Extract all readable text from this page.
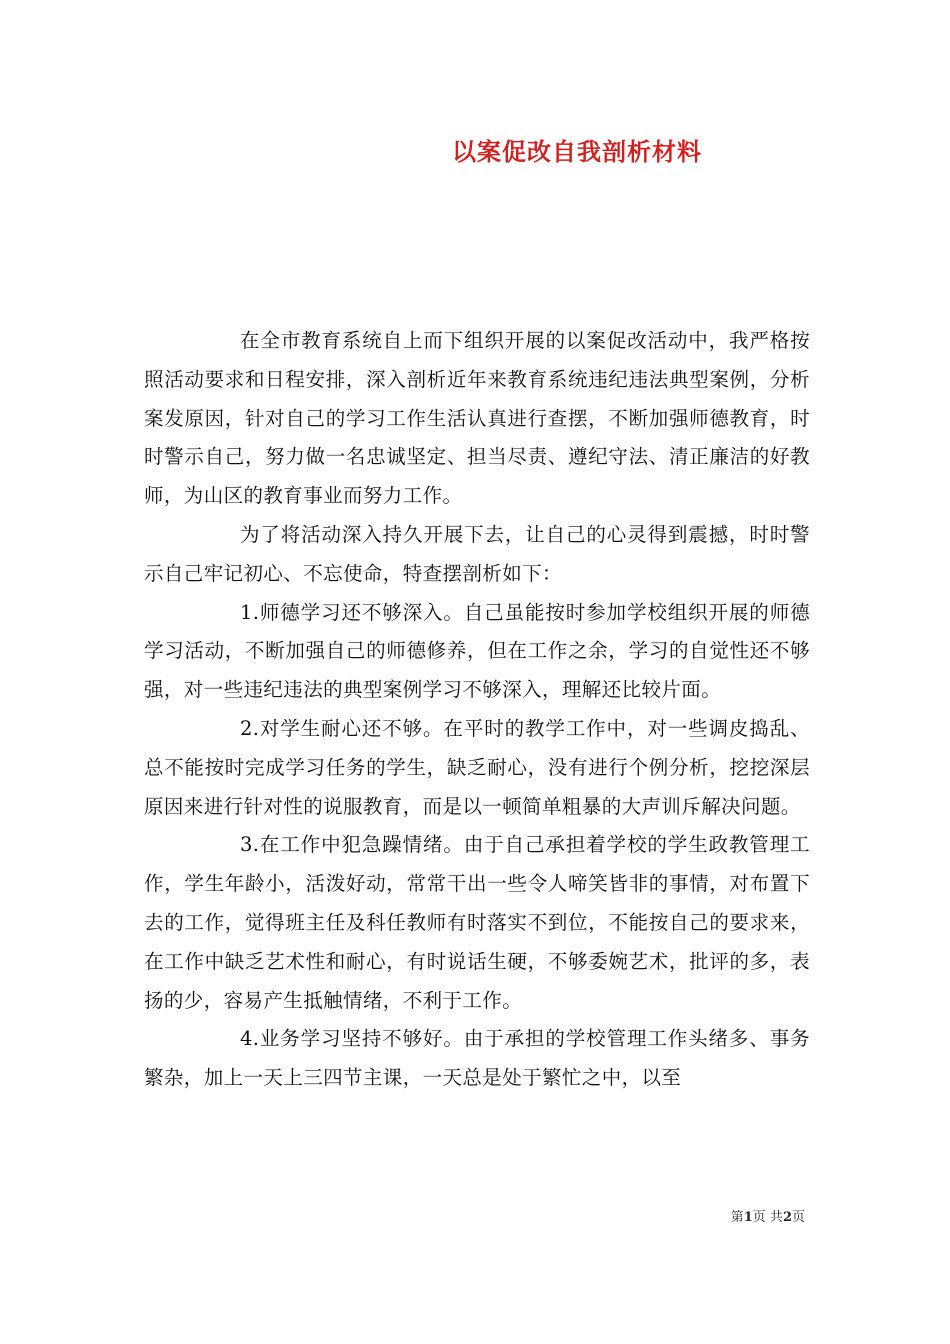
以案促改自我剖析材料

在全市教育系统自上而下组织开展的以案促改活动中，我严格按照活动要求和日程安排，深入剖析近年来教育系统违纪违法典型案例，分析案发原因，针对自己的学习工作生活认真进行查摆，不断加强师德教育，时时警示自己，努力做一名忠诚坚定、担当尽责、遵纪守法、清正廉洁的好教师，为山区的教育事业而努力工作。

为了将活动深入持久开展下去，让自己的心灵得到震撼，时时警示自己牢记初心、不忘使命，特查摆剖析如下：

1.师德学习还不够深入。自己虽能按时参加学校组织开展的师德学习活动，不断加强自己的师德修养，但在工作之余，学习的自觉性还不够强，对一些违纪违法的典型案例学习不够深入，理解还比较片面。

2.对学生耐心还不够。在平时的教学工作中，对一些调皮捣乱、总不能按时完成学习任务的学生，缺乏耐心，没有进行个例分析，挖挖深层原因来进行针对性的说服教育，而是以一顿简单粗暴的大声训斥解决问题。

3.在工作中犯急躁情绪。由于自己承担着学校的学生政教管理工作，学生年龄小，活泼好动，常常干出一些令人啼笑皆非的事情，对布置下去的工作，觉得班主任及科任教师有时落实不到位，不能按自己的要求来，在工作中缺乏艺术性和耐心，有时说话生硬，不够委婉艺术，批评的多，表扬的少，容易产生抵触情绪，不利于工作。

4.业务学习坚持不够好。由于承担的学校管理工作头绪多、事务繁杂，加上一天上三四节主课，一天总是处于繁忙之中，以至

第1页 共2页
